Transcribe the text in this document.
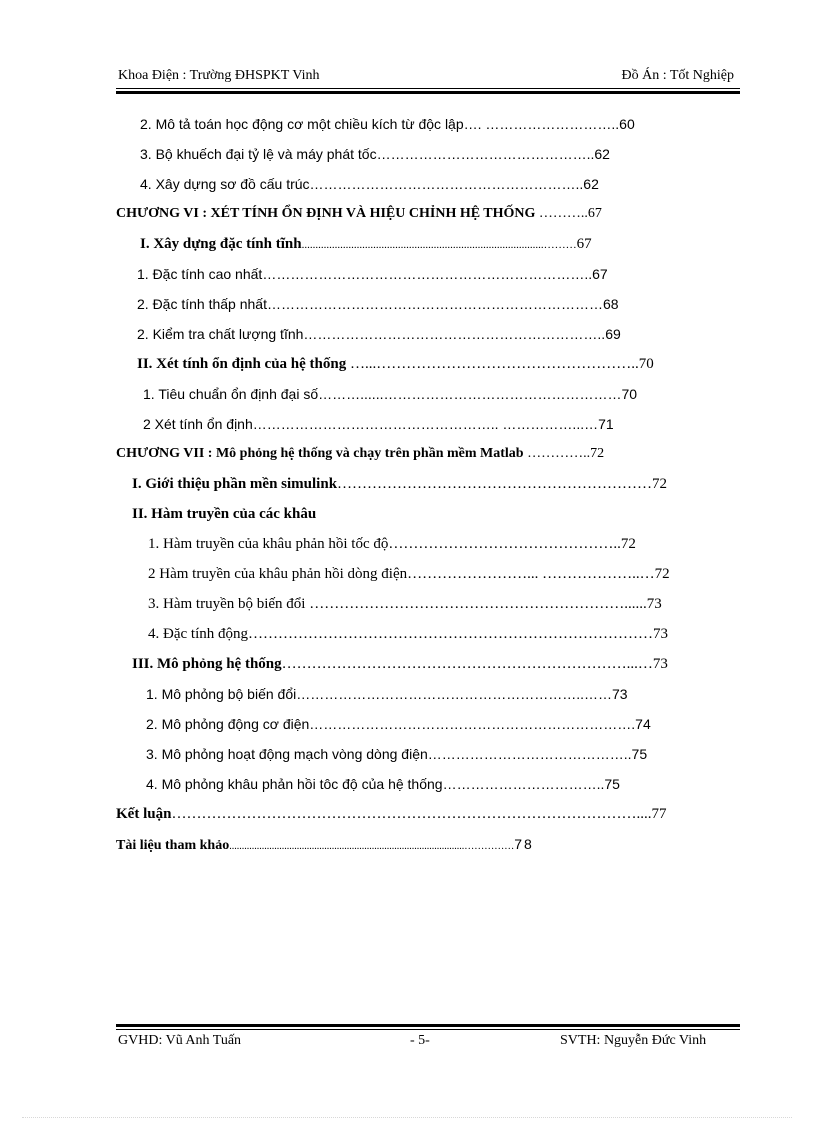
Khoa Điện : Trường ĐHSPKT Vinh	Đồ Án : Tốt Nghiệp
2. Mô tả toán học động cơ một chiều kích từ độc lập…. ………………………..60
3. Bộ khuếch đại tỷ lệ và máy phát tốc………………………………………..62
4. Xây dựng sơ đồ cấu trúc…………………………………………………..62
CHƯƠNG VI : XÉT TÍNH ỔN ĐỊNH VÀ HIỆU CHỈNH HỆ THỐNG ………..67
I. Xây dựng đặc tính tĩnh........................................................................................………67
1. Đặc tính cao nhất……………………………………………………………..67
2. Đặc tính thấp nhất………………………………………………………………68
2. Kiểm tra chất lượng tĩnh………………………………………………………..69
II. Xét tính ổn định của hệ thống …...……………………………………………..70
1. Tiêu chuẩn ổn định đại số………......……………………………………………70
2 Xét tính ổn định…………………………………………….. ……………...…71
CHƯƠNG VII : Mô phỏng hệ thống và chạy trên phần mềm Matlab …………..72
I. Giới thiệu phần mền simulink………………………………………………………72
II. Hàm truyền của các khâu
1. Hàm truyền của khâu phản hồi tốc độ………………………………………..72
2 Hàm truyền của khâu phản hồi dòng điện……………………... ………………..…72
3. Hàm truyền bộ biến đổi ………………………………………………………......73
4. Đặc tính động………………………………………………………………………73
III. Mô phỏng hệ thống……………………………………………………………...…73
1. Mô phỏng bộ biến đổi……………………………………………………..……73
2. Mô phỏng động cơ điện…………………………………………………………….74
3. Mô phỏng hoạt động mạch vòng dòng điện……………………………………..75
4. Mô phỏng khâu phản hồi tôc độ của hệ thống……………………………..75
Kết luận…………………………………………………………………………………....77
Tài liệu tham khảo..............................................................................................……………78
GVHD: Vũ Anh Tuấn	- 5-	SVTH: Nguyễn Đức Vinh
